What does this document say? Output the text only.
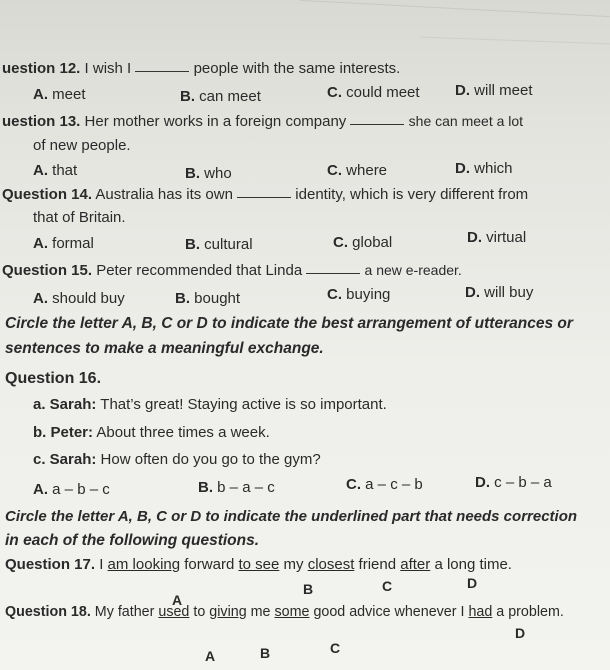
uestion 12. I wish I	people with the same interests.
A. meet	B. can meet	C. could meet D. will meet
uestion 13. Her mother works in a foreign company	she can meet a lot
of new people.
A. that	B. who	C. where	D. which
Question 14. Australia has its own	identity, which is very different from
that of Britain.
A. formal	B. cultural	C. global	D. virtual
Question 15. Peter recommended that Linda	a new e-reader.
A. should buy	B. bought	C. buying	D. will buy
Circle the letter A, B, C or D to indicate the best arrangement of utterances or
sentences to make a meaningful exchange.
Question 16.
a. Sarah: That’s great! Staying active is so important.
b. Peter: About three times a week.
c. Sarah: How often do you go to the gym?
A. a – b – c	B. b – a – c	C. a – c – b	D. c – b – a
Circle the letter A, B, C or D to indicate the underlined part that needs correction
in each of the following questions.
Question 17. I am looking forward to see my closest friend after a long time.
A
B	C	D
Question 18. My father used to giving me some good advice whenever I had a problem.
A	B	C
D
